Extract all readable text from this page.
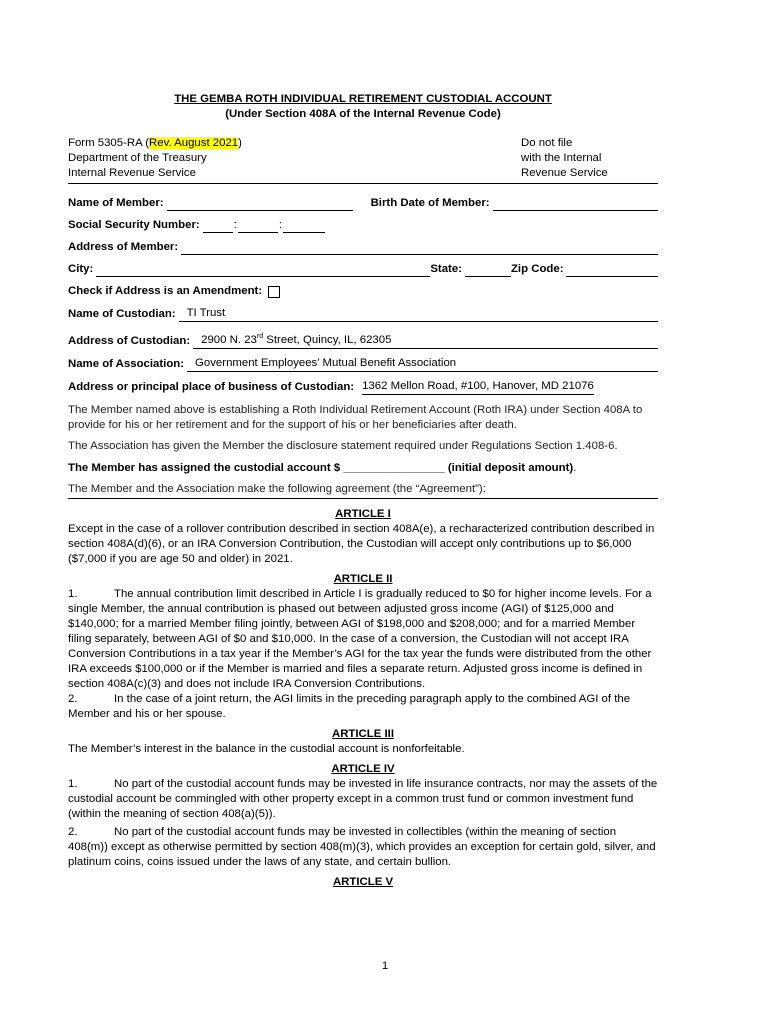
THE GEMBA ROTH INDIVIDUAL RETIREMENT CUSTODIAL ACCOUNT
(Under Section 408A of the Internal Revenue Code)
Form 5305-RA (Rev. August 2021)
Department of the Treasury
Internal Revenue Service
Do not file
with the Internal
Revenue Service
Name of Member:	Birth Date of Member:
Social Security Number:	:	:
Address of Member:
City:	State:	Zip Code:
Check if Address is an Amendment:
Name of Custodian: TI Trust
Address of Custodian: 2900 N. 23rd Street, Quincy, IL, 62305
Name of Association: Government Employees’ Mutual Benefit Association
Address or principal place of business of Custodian: 1362 Mellon Road, #100, Hanover, MD 21076
The Member named above is establishing a Roth Individual Retirement Account (Roth IRA) under Section 408A to provide for his or her retirement and for the support of his or her beneficiaries after death.
The Association has given the Member the disclosure statement required under Regulations Section 1.408-6.
The Member has assigned the custodial account $ ________________ (initial deposit amount).
The Member and the Association make the following agreement (the “Agreement”):
ARTICLE I
Except in the case of a rollover contribution described in section 408A(e), a recharacterized contribution described in section 408A(d)(6), or an IRA Conversion Contribution, the Custodian will accept only contributions up to $6,000 ($7,000 if you are age 50 and older) in 2021.
ARTICLE II
1.	The annual contribution limit described in Article I is gradually reduced to $0 for higher income levels. For a single Member, the annual contribution is phased out between adjusted gross income (AGI) of $125,000 and $140,000; for a married Member filing jointly, between AGI of $198,000 and $208,000; and for a married Member filing separately, between AGI of $0 and $10,000. In the case of a conversion, the Custodian will not accept IRA Conversion Contributions in a tax year if the Member’s AGI for the tax year the funds were distributed from the other IRA exceeds $100,000 or if the Member is married and files a separate return. Adjusted gross income is defined in section 408A(c)(3) and does not include IRA Conversion Contributions.
2.	In the case of a joint return, the AGI limits in the preceding paragraph apply to the combined AGI of the Member and his or her spouse.
ARTICLE III
The Member’s interest in the balance in the custodial account is nonforfeitable.
ARTICLE IV
1.	No part of the custodial account funds may be invested in life insurance contracts, nor may the assets of the custodial account be commingled with other property except in a common trust fund or common investment fund (within the meaning of section 408(a)(5)).
2.	No part of the custodial account funds may be invested in collectibles (within the meaning of section 408(m)) except as otherwise permitted by section 408(m)(3), which provides an exception for certain gold, silver, and platinum coins, coins issued under the laws of any state, and certain bullion.
ARTICLE V
1
